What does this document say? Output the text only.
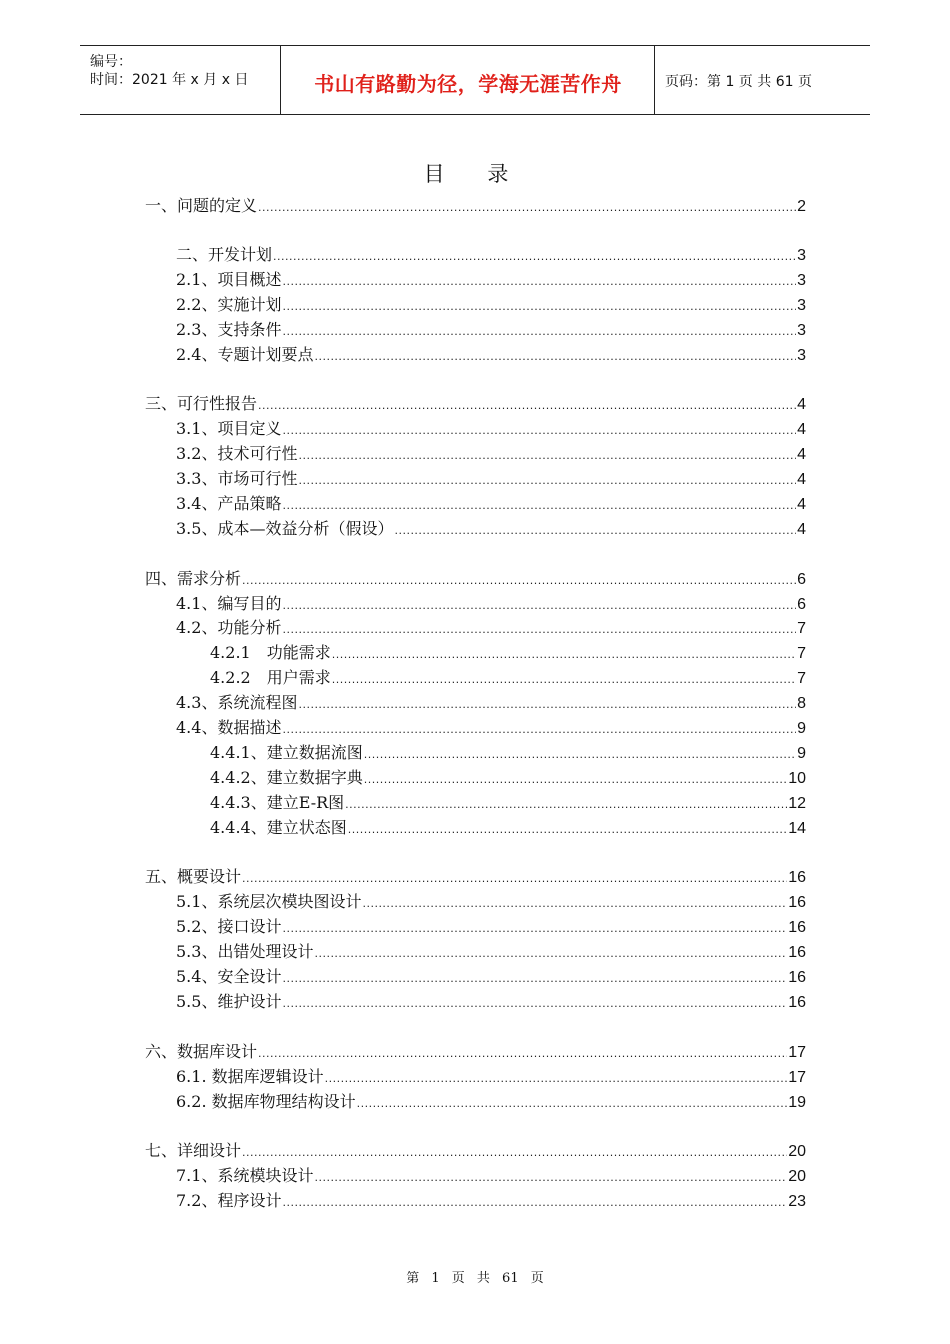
编号：
时间：2021 年 x 月 x 日	书山有路勤为径，学海无涯苦作舟	页码：第 1 页 共 61 页
目 录
一、问题的定义 .....	2
二、开发计划 .....	3
2.1、项目概述 .....	3
2.2、实施计划 .....	3
2.3、支持条件 .....	3
2.4、专题计划要点 .....	3
三、可行性报告 .....	4
3.1、项目定义 .....	4
3.2、技术可行性 .....	4
3.3、市场可行性 .....	4
3.4、产品策略 .....	4
3.5、成本—效益分析（假设） .....	4
四、需求分析 .....	6
4.1、编写目的 .....	6
4.2、功能分析 .....	7
4.2.1　功能需求 .....	7
4.2.2　用户需求 .....	7
4.3、系统流程图 .....	8
4.4、数据描述 .....	9
4.4.1、建立数据流图 .....	9
4.4.2、建立数据字典 .....	10
4.4.3、建立E-R图 .....	12
4.4.4、建立状态图 .....	14
五、概要设计 .....	16
5.1、系统层次模块图设计 .....	16
5.2、接口设计 .....	16
5.3、出错处理设计 .....	16
5.4、安全设计 .....	16
5.5、维护设计 .....	16
六、数据库设计 .....	17
6.1. 数据库逻辑设计 .....	17
6.2. 数据库物理结构设计 .....	19
七、详细设计 .....	20
7.1、系统模块设计 .....	20
7.2、程序设计 .....	23
第 1 页 共 61 页
